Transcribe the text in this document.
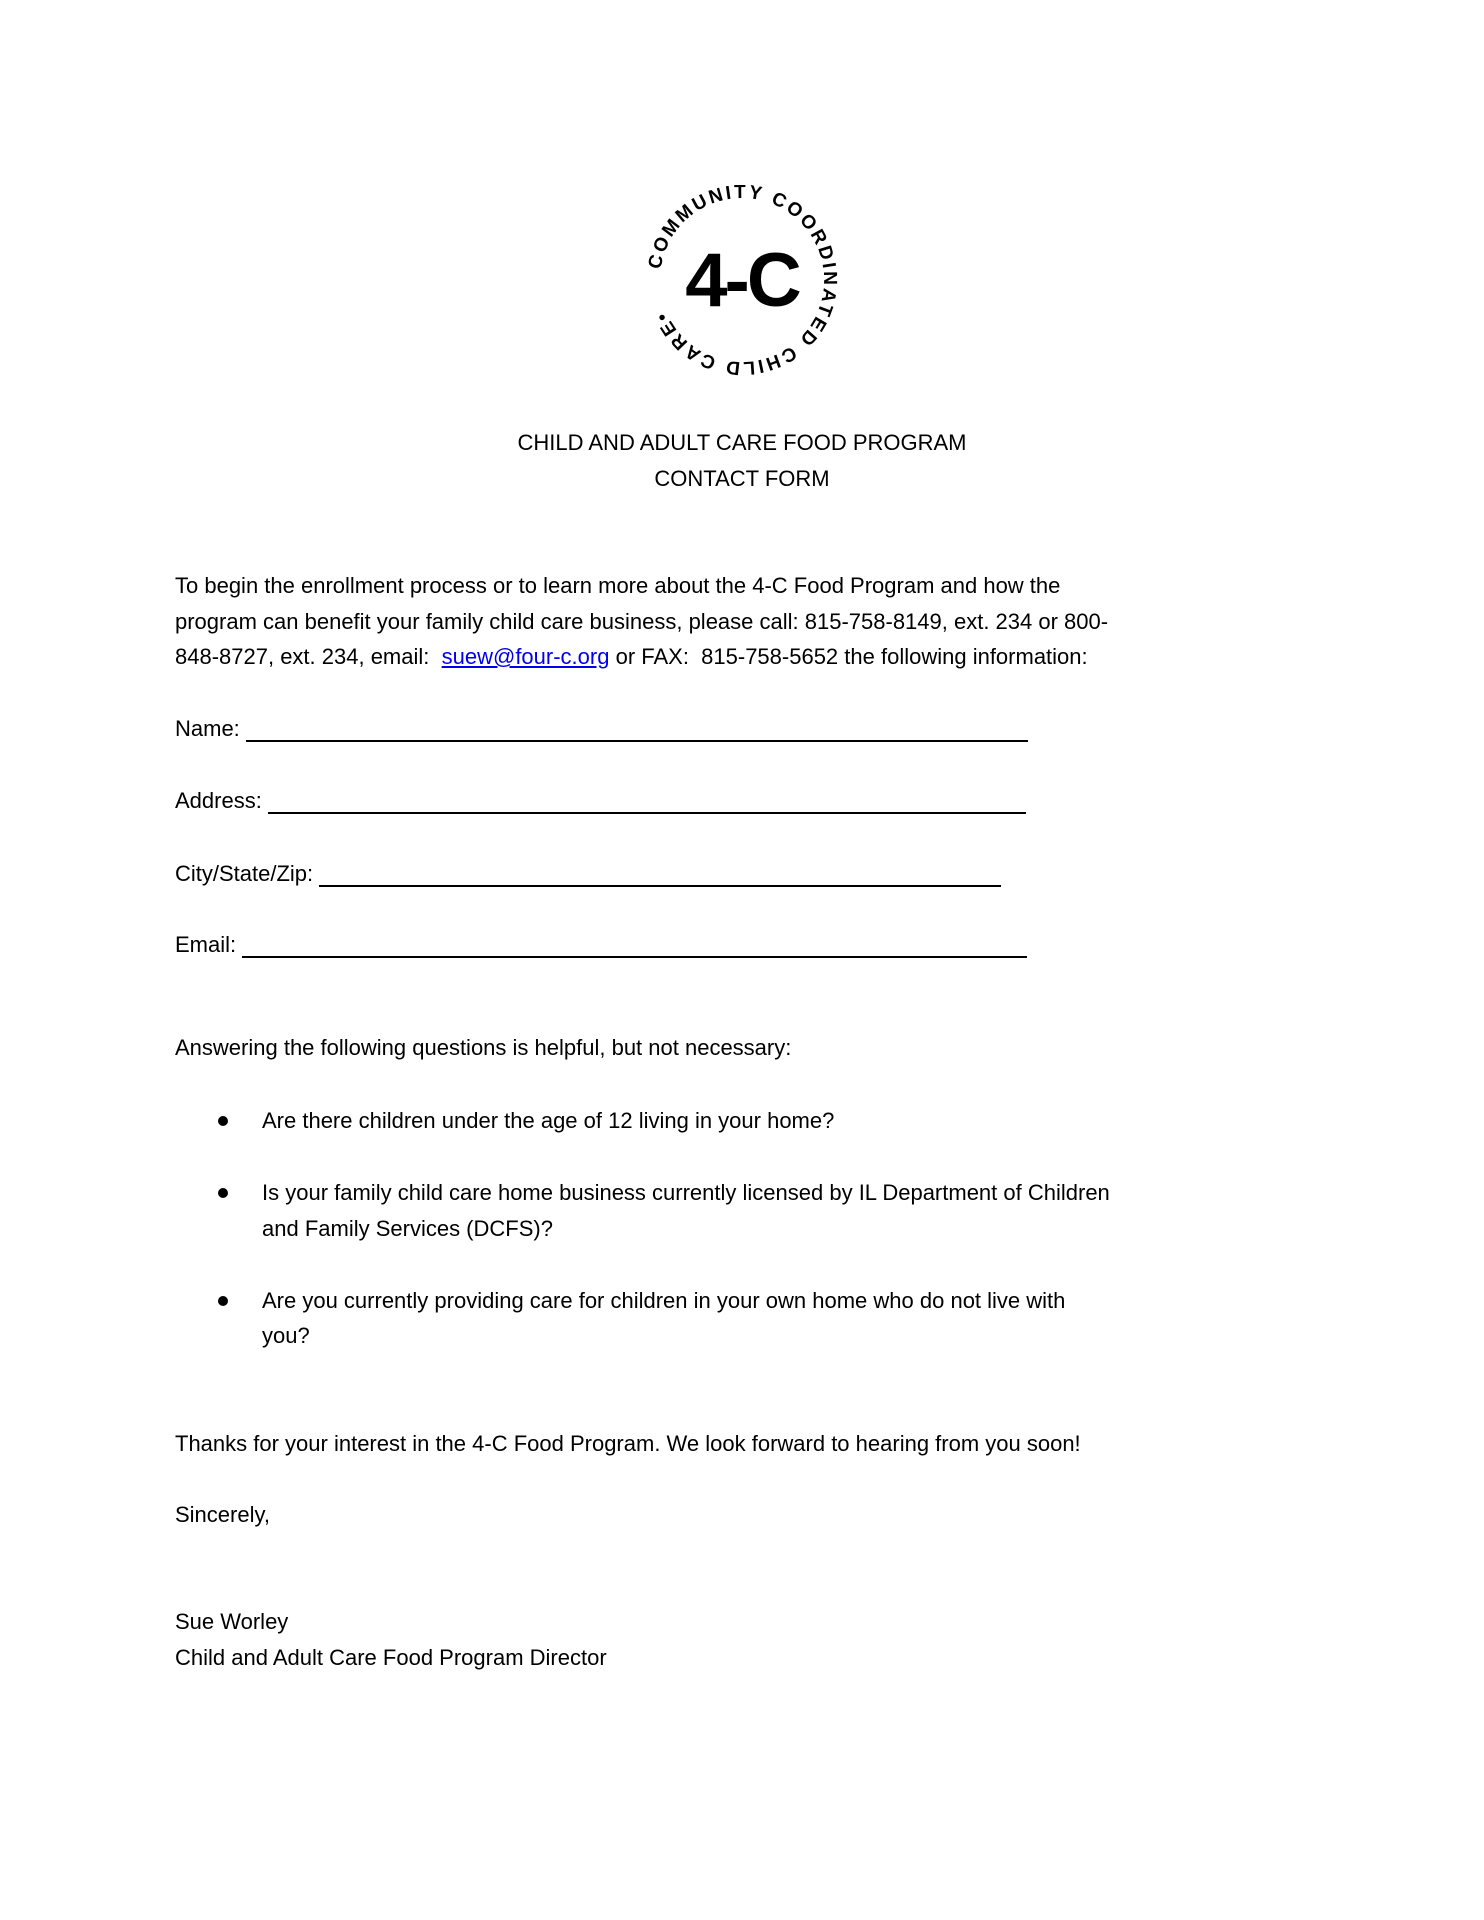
COMMUNITY COORDINATED CHILD CARE• 4-C
CHILD AND ADULT CARE FOOD PROGRAM
CONTACT FORM
To begin the enrollment process or to learn more about the 4-C Food Program and how the
program can benefit your family child care business, please call: 815-758-8149, ext. 234 or 800-
848-8727, ext. 234, email:  suew@four-c.org or FAX:  815-758-5652 the following information:
Name:
Address:
City/State/Zip:
Email:
Answering the following questions is helpful, but not necessary:
Are there children under the age of 12 living in your home?
Is your family child care home business currently licensed by IL Department of Children
and Family Services (DCFS)?
Are you currently providing care for children in your own home who do not live with
you?
Thanks for your interest in the 4-C Food Program. We look forward to hearing from you soon!
Sincerely,
Sue Worley
Child and Adult Care Food Program Director
